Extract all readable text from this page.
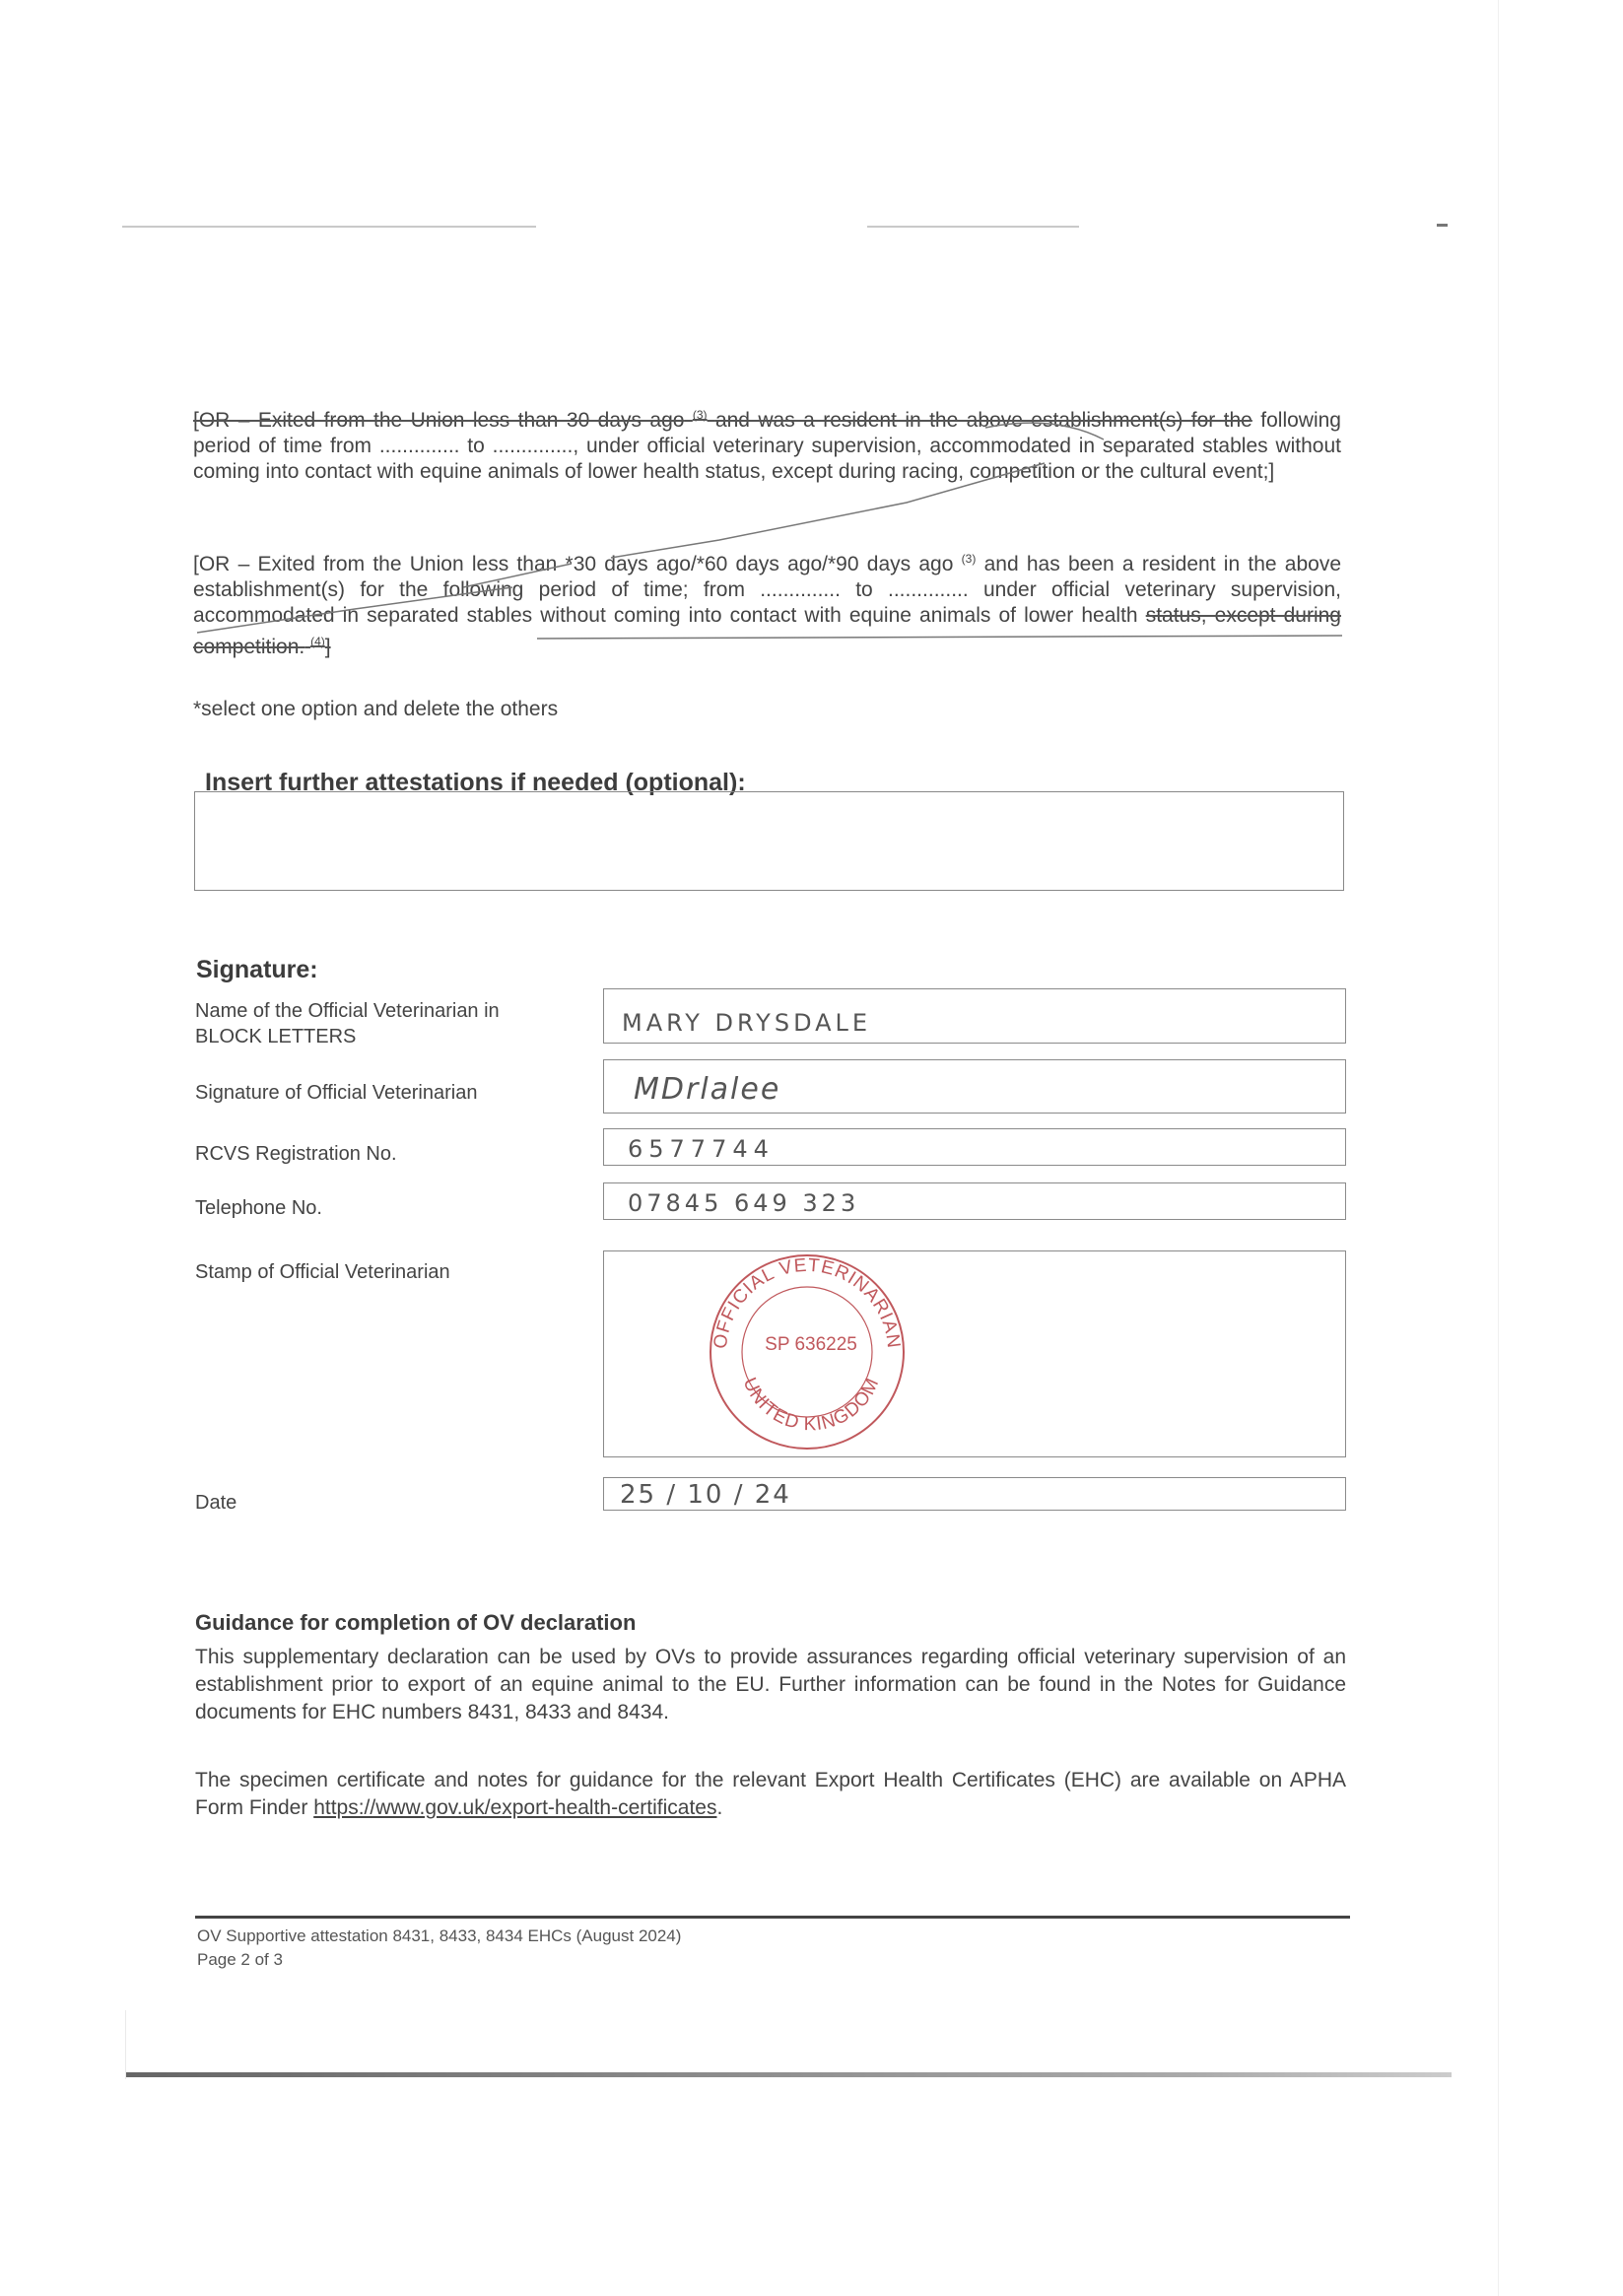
[OR – Exited from the Union less than 30 days ago $^{(3)}$ and was a resident in the above establishment(s) for the following period of time from .............. to .............., under official veterinary supervision, accommodated in separated stables without coming into contact with equine animals of lower health status, except during racing, competition or the cultural event;]
[OR – Exited from the Union less than *30 days ago/*60 days ago/*90 days ago $^{(3)}$ and has been a resident in the above establishment(s) for the following period of time; from .............. to .............. under official veterinary supervision, accommodated in separated stables without coming into contact with equine animals of lower health status, except during competition. $^{(4)}$]
*select one option and delete the others
Insert further attestations if needed (optional):
Signature:
Name of the Official Veterinarian in
BLOCK LETTERS	MARY DRYSDALE
Signature of Official Veterinarian	MDrlalee
RCVS Registration No.	6577744
Telephone No.	07845 649 323
Stamp of Official Veterinarian
OFFICIAL VETERINARIAN
UNITED KINGDOM
SP 636225
Date	25 / 10 / 24
Guidance for completion of OV declaration
This supplementary declaration can be used by OVs to provide assurances regarding official veterinary supervision of an establishment prior to export of an equine animal to the EU. Further information can be found in the Notes for Guidance documents for EHC numbers 8431, 8433 and 8434.
The specimen certificate and notes for guidance for the relevant Export Health Certificates (EHC) are available on APHA Form Finder https://www.gov.uk/export-health-certificates.
OV Supportive attestation 8431, 8433, 8434 EHCs (August 2024)
Page 2 of 3
